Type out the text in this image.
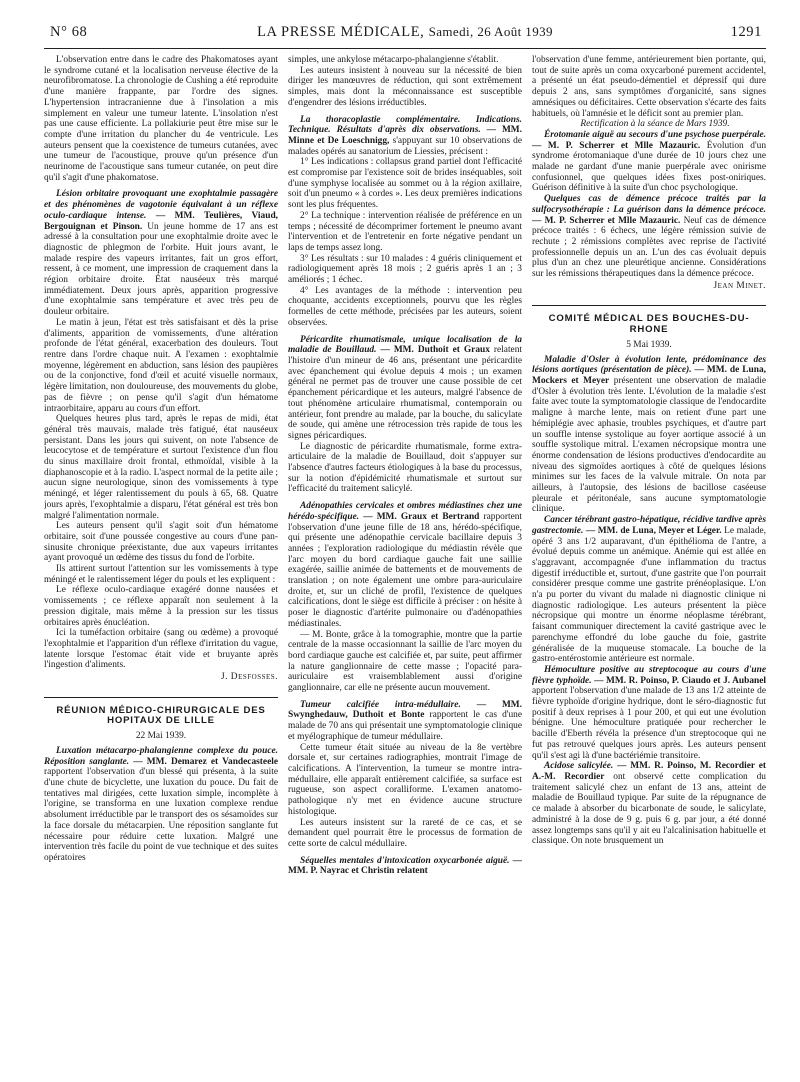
N° 68	LA PRESSE MÉDICALE, Samedi, 26 Août 1939	1291

L'observation entre dans le cadre des Phakomatoses ayant le syndrome cutané et la localisation nerveuse élective de la neurofibromatose. La chronologie de Cushing a été reproduite d'une manière frappante, par l'ordre des signes. L'hypertension intracranienne due à l'insolation a mis simplement en valeur une tumeur latente. L'insolation n'est pas une cause efficiente. La pollakiurie peut être mise sur le compte d'une irritation du plancher du 4e ventricule. Les auteurs pensent que la coexistence de tumeurs cutanées, avec une tumeur de l'acoustique, prouve qu'un présence d'un neurinome de l'acoustique sans tumeur cutanée, on peut dire qu'il s'agit d'une phakomatose.

Lésion orbitaire provoquant une exophtalmie passagère et des phénomènes de vagotonie équivalant à un réflexe oculo-cardiaque intense. — MM. Teulières, Viaud, Bergouignan et Pinson. Un jeune homme de 17 ans est adressé à la consultation pour une exophtalmie droite avec le diagnostic de phlegmon de l'orbite. Huit jours avant, le malade respire des vapeurs irritantes, fait un gros effort, ressent, à ce moment, une impression de craquement dans la région orbitaire droite. État nauséeux très marqué immédiatement. Deux jours après, apparition progressive d'une exophtalmie sans température et avec très peu de douleur orbitaire.

Le matin à jeun, l'état est très satisfaisant et dès la prise d'aliments, apparition de vomissements, d'une altération profonde de l'état général, exacerbation des douleurs. Tout rentre dans l'ordre chaque nuit. A l'examen : exophtalmie moyenne, légèrement en abduction, sans lésion des paupières ou de la conjonctive, fond d'œil et acuité visuelle normaux, légère limitation, non douloureuse, des mouvements du globe, pas de fièvre ; on pense qu'il s'agit d'un hématome intraorbitaire, apparu au cours d'un effort.

Quelques heures plus tard, après le repas de midi, état général très mauvais, malade très fatigué, état nauséeux persistant. Dans les jours qui suivent, on note l'absence de leucocytose et de température et surtout l'existence d'un flou du sinus maxillaire droit frontal, ethmoïdal, visible à la diaphanoscopie et à la radio. L'aspect normal de la petite aile ; aucun signe neurologique, sinon des vomissements à type méningé, et léger ralentissement du pouls à 65, 68. Quatre jours après, l'exophtalmie a disparu, l'état général est très bon malgré l'alimentation normale.

Les auteurs pensent qu'il s'agit soit d'un hématome orbitaire, soit d'une poussée congestive au cours d'une pan-sinusite chronique préexistante, due aux vapeurs irritantes ayant provoqué un œdème des tissus du fond de l'orbite.

Ils attirent surtout l'attention sur les vomissements à type méningé et le ralentissement léger du pouls et les expliquent :

Le réflexe oculo-cardiaque exagéré donne nausées et vomissements ; ce réflexe apparaît non seulement à la pression digitale, mais même à la pression sur les tissus orbitaires après énucléation.

Ici la tuméfaction orbitaire (sang ou œdème) a provoqué l'exophtalmie et l'apparition d'un réflexe d'irritation du vague, latente lorsque l'estomac était vide et bruyante après l'ingestion d'aliments.

J. Desfosses.

RÉUNION MÉDICO-CHIRURGICALE DES HOPITAUX DE LILLE
22 Mai 1939.

Luxation métacarpo-phalangienne complexe du pouce. Réposition sanglante. — MM. Demarez et Vandecasteele rapportent l'observation d'un blessé qui présenta, à la suite d'une chute de bicyclette, une luxation du pouce. Du fait de tentatives mal dirigées, cette luxation simple, incomplète à l'origine, se transforma en une luxation complexe rendue absolument irréductible par le transport des os sésamoïdes sur la face dorsale du métacarpien. Une réposition sanglante fut nécessaire pour réduire cette luxation. Malgré une intervention très facile du point de vue technique et des suites opératoires

simples, une ankylose métacarpo-phalangienne s'établit.

Les auteurs insistent à nouveau sur la nécessité de bien diriger les manœuvres de réduction, qui sont extrêmement simples, mais dont la méconnaissance est susceptible d'engendrer des lésions irréductibles.

La thoracoplastie complémentaire. Indications. Technique. Résultats d'après dix observations. — MM. Minne et De Loeschnigg, s'appuyant sur 10 observations de malades opérés au sanatorium de Liessies, précisent :

1° Les indications : collapsus grand partiel dont l'efficacité est compromise par l'existence soit de brides inséquables, soit d'une symphyse localisée au sommet ou à la région axillaire, soit d'un pneumo « à cordes ». Les deux premières indications sont les plus fréquentes.

2° La technique : intervention réalisée de préférence en un temps ; nécessité de décomprimer fortement le pneumo avant l'intervention et de l'entretenir en forte négative pendant un laps de temps assez long.

3° Les résultats : sur 10 malades : 4 guéris cliniquement et radiologiquement après 18 mois ; 2 guéris après 1 an ; 3 améliorés ; 1 échec.

4° Les avantages de la méthode : intervention peu choquante, accidents exceptionnels, pourvu que les règles formelles de cette méthode, précisées par les auteurs, soient observées.

Péricardite rhumatismale, unique localisation de la maladie de Bouillaud. — MM. Duthoit et Graux relatent l'histoire d'un mineur de 46 ans, présentant une péricardite avec épanchement qui évolue depuis 4 mois ; un examen général ne permet pas de trouver une cause possible de cet épanchement péricardique et les auteurs, malgré l'absence de tout phénomène articulaire rhumatismal, contemporain ou antérieur, font prendre au malade, par la bouche, du salicylate de soude, qui amène une rétrocession très rapide de tous les signes péricardiques.

Le diagnostic de péricardite rhumatismale, forme extra-articulaire de la maladie de Bouillaud, doit s'appuyer sur l'absence d'autres facteurs étiologiques à la base du processus, sur la notion d'épidémicité rhumatismale et surtout sur l'efficacité du traitement salicylé.

Adénopathies cervicales et ombres médiastines chez une hérédo-spécifique. — MM. Graux et Bertrand rapportent l'observation d'une jeune fille de 18 ans, hérédo-spécifique, qui présente une adénopathie cervicale bacillaire depuis 3 années ; l'exploration radiologique du médiastin révèle que l'arc moyen du bord cardiaque gauche fait une saillie exagérée, saillie animée de battements et de mouvements de translation ; on note également une ombre para-auriculaire droite, et, sur un cliché de profil, l'existence de quelques calcifications, dont le siège est difficile à préciser : on hésite à poser le diagnostic d'artérite pulmonaire ou d'adénopathies médiastinales.

— M. Bonte, grâce à la tomographie, montre que la partie centrale de la masse occasionnant la saillie de l'arc moyen du bord cardiaque gauche est calcifiée et, par suite, peut affirmer la nature ganglionnaire de cette masse ; l'opacité para-auriculaire est vraisemblablement aussi d'origine ganglionnaire, car elle ne présente aucun mouvement.

Tumeur calcifiée intra-médullaire. — MM. Swynghedauw, Duthoit et Bonte rapportent le cas d'une malade de 70 ans qui présentait une symptomatologie clinique et myélographique de tumeur médullaire.

Cette tumeur était située au niveau de la 8e vertèbre dorsale et, sur certaines radiographies, montrait l'image de calcifications. A l'intervention, la tumeur se montre intra-médullaire, elle apparaît entièrement calcifiée, sa surface est rugueuse, son aspect coralliforme. L'examen anatomo-pathologique n'y met en évidence aucune structure histologique.

Les auteurs insistent sur la rareté de ce cas, et se demandent quel pourrait être le processus de formation de cette sorte de calcul médullaire.

Séquelles mentales d'intoxication oxycarbonée aiguë. — MM. P. Nayrac et Christin relatent

l'observation d'une femme, antérieurement bien portante, qui, tout de suite après un coma oxycarboné purement accidentel, a présenté un état pseudo-démentiel et dépressif qui dure depuis 2 ans, sans symptômes d'organicité, sans signes amnésiques ou déficitaires. Cette observation s'écarte des faits habituels, où l'amnésie et le déficit sont au premier plan.

Rectification à la séance de Mars 1939.

Érotomanie aiguë au secours d'une psychose puerpérale. — M. P. Scherrer et Mlle Mazauric. Évolution d'un syndrome érotomaniaque d'une durée de 10 jours chez une malade ne gardant d'une manie puerpérale avec onirisme confusionnel, que quelques idées fixes post-oniriques. Guérison définitive à la suite d'un choc psychologique.

Quelques cas de démence précoce traités par la sulfocrysothérapie : La guérison dans la démence précoce. — M. P. Scherrer et Mlle Mazauric. Neuf cas de démence précoce traités : 6 échecs, une légère rémission suivie de rechute ; 2 rémissions complètes avec reprise de l'activité professionnelle depuis un an. L'un des cas évoluait depuis plus d'un an chez une pleurétique ancienne. Considérations sur les rémissions thérapeutiques dans la démence précoce.

Jean Minet.

COMITÉ MÉDICAL DES BOUCHES-DU-RHONE
5 Mai 1939.

Maladie d'Osler à évolution lente, prédominance des lésions aortiques (présentation de pièce). — MM. de Luna, Mockers et Meyer présentent une observation de maladie d'Osler à évolution très lente. L'évolution de la maladie s'est faite avec toute la symptomatologie classique de l'endocardite maligne à marche lente, mais on retient d'une part une hémiplégie avec aphasie, troubles psychiques, et d'autre part un souffle intense systolique au foyer aortique associé à un souffle systolique mitral. L'examen nécropsique montra une énorme condensation de lésions productives d'endocardite au niveau des sigmoïdes aortiques à côté de quelques lésions minimes sur les faces de la valvule mitrale. On nota par ailleurs, à l'autopsie, des lésions de bacillose caséeuse pleurale et péritonéale, sans aucune symptomatologie clinique.

Cancer térébrant gastro-hépatique, récidive tardive après gastrectomie. — MM. de Luna, Meyer et Léger. Le malade, opéré 3 ans 1/2 auparavant, d'un épithélioma de l'antre, a évolué depuis comme un anémique. Anémie qui est allée en s'aggravant, accompagnée d'une inflammation du tractus digestif irréductible et, surtout, d'une gastrite que l'on pourrait considérer presque comme une gastrite prénéoplasique. L'on n'a pu porter du vivant du malade ni diagnostic clinique ni diagnostic radiologique. Les auteurs présentent la pièce nécropsique qui montre un énorme néoplasme térébrant, faisant communiquer directement la cavité gastrique avec le parenchyme effondré du lobe gauche du foie, gastrite généralisée de la muqueuse stomacale. La bouche de la gastro-entérostomie antérieure est normale.

Hémoculture positive au streptocoque au cours d'une fièvre typhoïde. — MM. R. Poinso, P. Ciaudo et J. Aubanel apportent l'observation d'une malade de 13 ans 1/2 atteinte de fièvre typhoïde d'origine hydrique, dont le séro-diagnostic fut positif à deux reprises à 1 pour 200, et qui eut une évolution bénigne. Une hémoculture pratiquée pour rechercher le bacille d'Eberth révéla la présence d'un streptocoque qui ne fut pas retrouvé quelques jours après. Les auteurs pensent qu'il s'est agi là d'une bactériémie transitoire.

Acidose salicylée. — MM. R. Poinso, M. Recordier et A.-M. Recordier ont observé cette complication du traitement salicylé chez un enfant de 13 ans, atteint de maladie de Bouillaud typique. Par suite de la répugnance de ce malade à absorber du bicarbonate de soude, le salicylate, administré à la dose de 9 g. puis 6 g. par jour, a été donné assez longtemps sans qu'il y ait eu l'alcalinisation habituelle et classique. On note brusquement un
